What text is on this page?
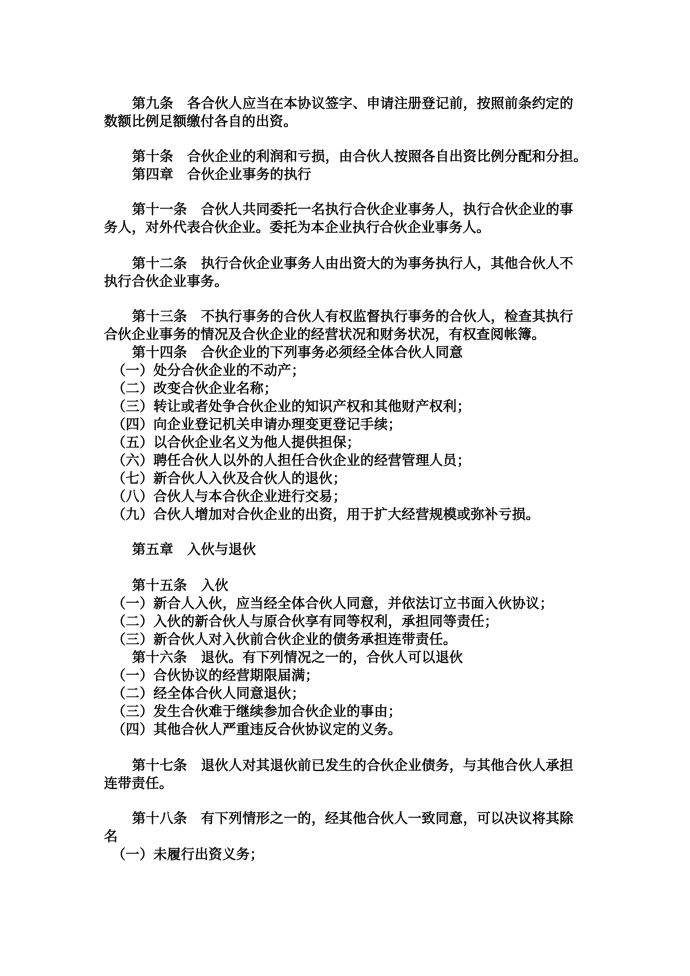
第九条　各合伙人应当在本协议签字、申请注册登记前，按照前条约定的
数额比例足额缴付各自的出资。
第十条　合伙企业的利润和亏损，由合伙人按照各自出资比例分配和分担。
第四章　合伙企业事务的执行
第十一条　合伙人共同委托一名执行合伙企业事务人，执行合伙企业的事
务人，对外代表合伙企业。委托为本企业执行合伙企业事务人。
第十二条　执行合伙企业事务人由出资大的为事务执行人，其他合伙人不
执行合伙企业事务。
第十三条　不执行事务的合伙人有权监督执行事务的合伙人，检查其执行
合伙企业事务的情况及合伙企业的经营状况和财务状况，有权查阅帐簿。
第十四条　合伙企业的下列事务必须经全体合伙人同意
（一）处分合伙企业的不动产；
（二）改变合伙企业名称；
（三）转让或者处争合伙企业的知识产权和其他财产权利；
（四）向企业登记机关申请办理变更登记手续；
（五）以合伙企业名义为他人提供担保；
（六）聘任合伙人以外的人担任合伙企业的经营管理人员；
（七）新合伙人入伙及合伙人的退伙；
（八）合伙人与本合伙企业进行交易；
（九）合伙人增加对合伙企业的出资，用于扩大经营规模或弥补亏损。
第五章　入伙与退伙
第十五条　入伙
（一）新合人入伙，应当经全体合伙人同意，并依法订立书面入伙协议；
（二）入伙的新合伙人与原合伙享有同等权利，承担同等责任；
（三）新合伙人对入伙前合伙企业的债务承担连带责任。
第十六条　退伙。有下列情况之一的，合伙人可以退伙
（一）合伙协议的经营期限届满；
（二）经全体合伙人同意退伙；
（三）发生合伙难于继续参加合伙企业的事由；
（四）其他合伙人严重违反合伙协议定的义务。
第十七条　退伙人对其退伙前已发生的合伙企业债务，与其他合伙人承担
连带责任。
第十八条　有下列情形之一的，经其他合伙人一致同意，可以决议将其除
名
（一）未履行出资义务；
